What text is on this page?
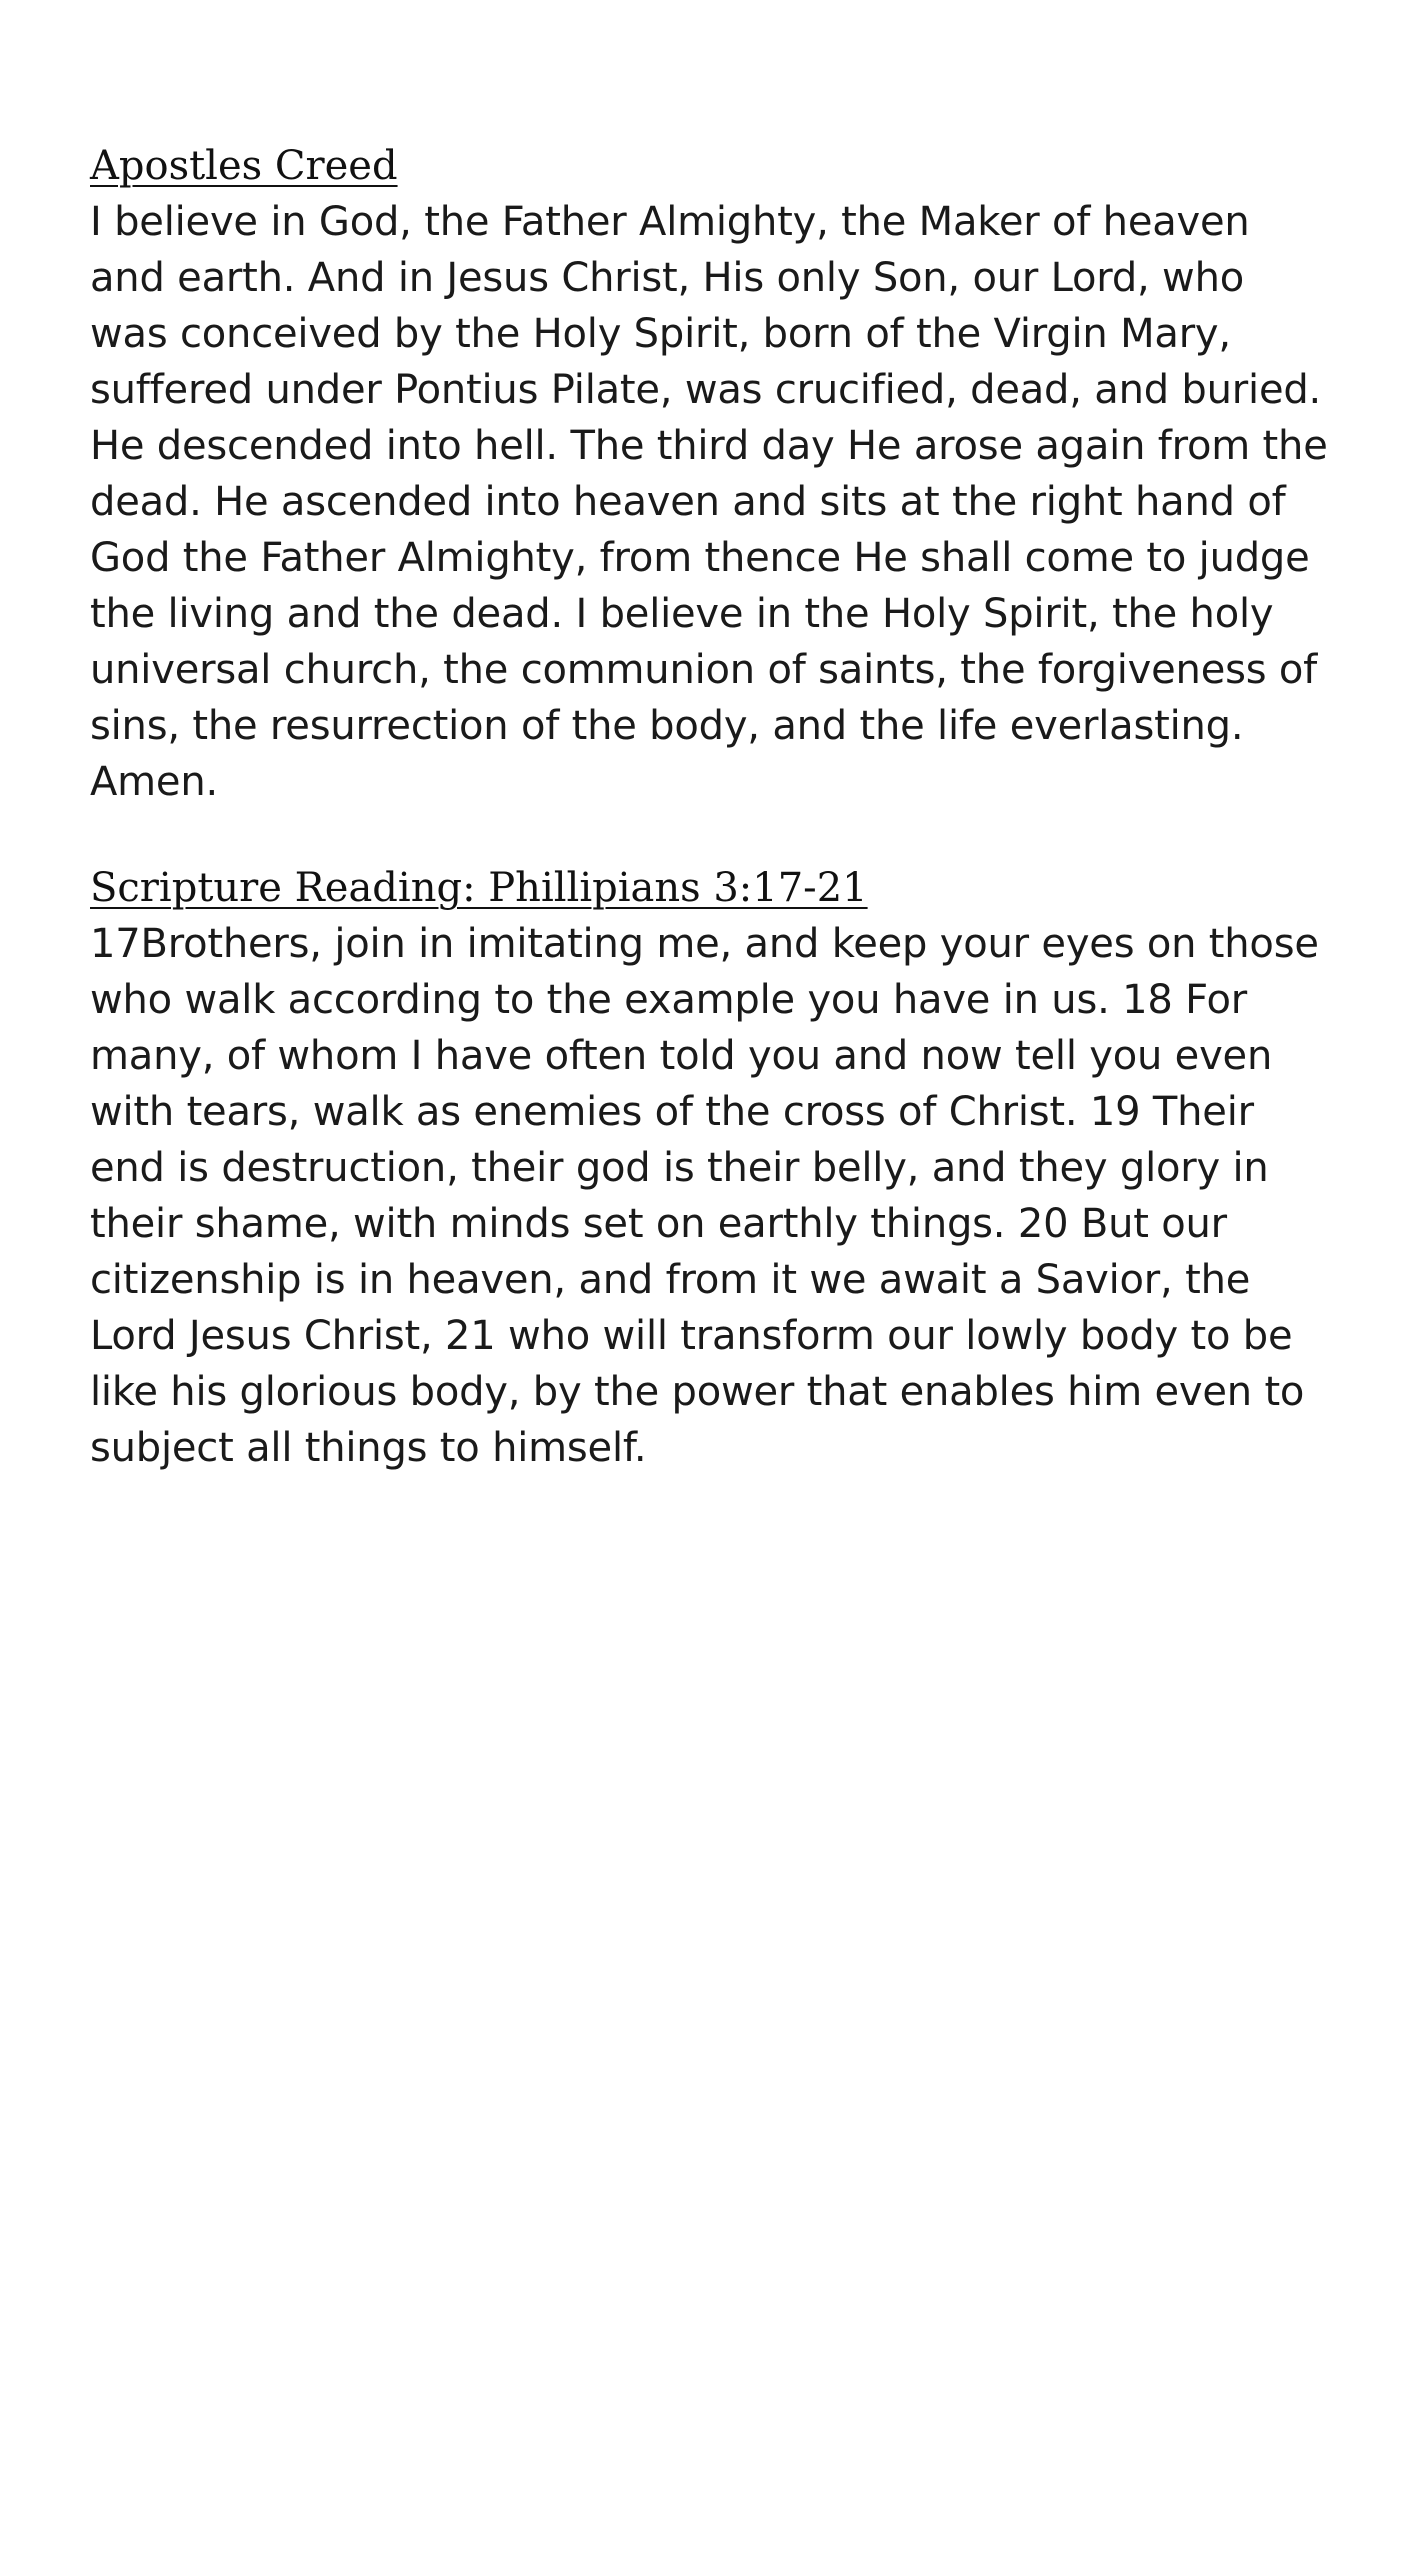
Apostles Creed

I believe in God, the Father Almighty, the Maker of heaven and earth. And in Jesus Christ, His only Son, our Lord, who was conceived by the Holy Spirit, born of the Virgin Mary, suffered under Pontius Pilate, was crucified, dead, and buried. He descended into hell. The third day He arose again from the dead. He ascended into heaven and sits at the right hand of God the Father Almighty, from thence He shall come to judge the living and the dead. I believe in the Holy Spirit, the holy universal church, the communion of saints, the forgiveness of sins, the resurrection of the body, and the life everlasting. Amen.

Scripture Reading: Phillipians 3:17-21

17Brothers, join in imitating me, and keep your eyes on those who walk according to the example you have in us. 18 For many, of whom I have often told you and now tell you even with tears, walk as enemies of the cross of Christ. 19 Their end is destruction, their god is their belly, and they glory in their shame, with minds set on earthly things. 20 But our citizenship is in heaven, and from it we await a Savior, the Lord Jesus Christ, 21 who will transform our lowly body to be like his glorious body, by the power that enables him even to subject all things to himself.
